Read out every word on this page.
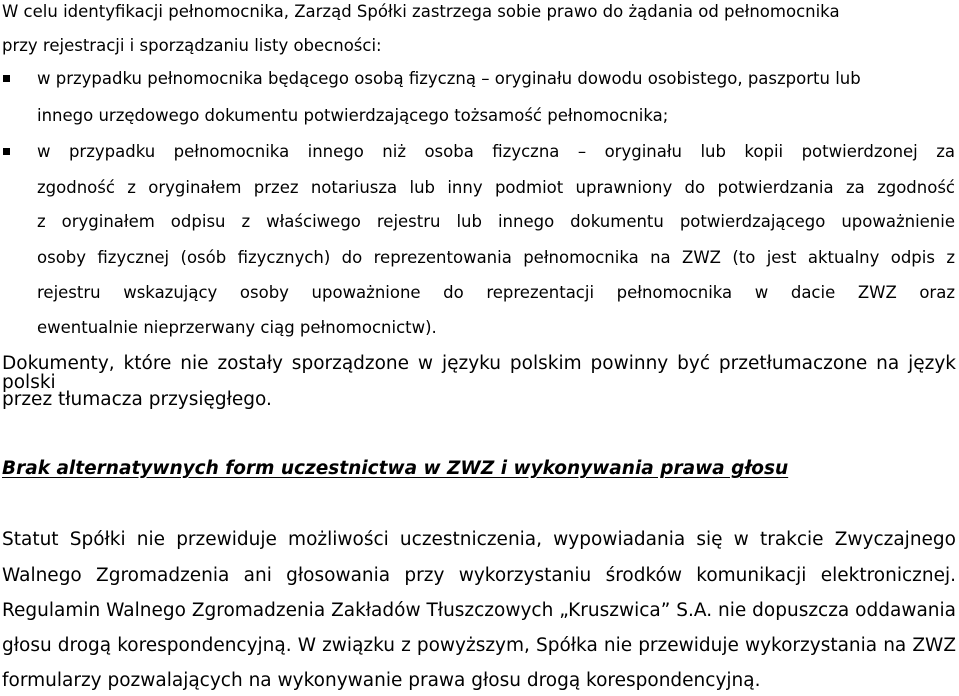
W celu identyfikacji pełnomocnika, Zarząd Spółki zastrzega sobie prawo do żądania od pełnomocnika
przy rejestracji i sporządzaniu listy obecności:
w przypadku pełnomocnika będącego osobą fizyczną – oryginału dowodu osobistego, paszportu lub
innego urzędowego dokumentu potwierdzającego tożsamość pełnomocnika;
w przypadku pełnomocnika innego niż osoba fizyczna – oryginału lub kopii potwierdzonej za
zgodność z oryginałem przez notariusza lub inny podmiot uprawniony do potwierdzania za zgodność
z oryginałem odpisu z właściwego rejestru lub innego dokumentu potwierdzającego upoważnienie
osoby fizycznej (osób fizycznych) do reprezentowania pełnomocnika na ZWZ (to jest aktualny odpis z
rejestru wskazujący osoby upoważnione do reprezentacji pełnomocnika w dacie ZWZ oraz
ewentualnie nieprzerwany ciąg pełnomocnictw).
Dokumenty, które nie zostały sporządzone w języku polskim powinny być przetłumaczone na język polski
przez tłumacza przysięgłego.
Brak alternatywnych form uczestnictwa w ZWZ i wykonywania prawa głosu
Statut Spółki nie przewiduje możliwości uczestniczenia, wypowiadania się w trakcie Zwyczajnego
Walnego Zgromadzenia ani głosowania przy wykorzystaniu środków komunikacji elektronicznej.
Regulamin Walnego Zgromadzenia Zakładów Tłuszczowych „Kruszwica” S.A. nie dopuszcza oddawania
głosu drogą korespondencyjną. W związku z powyższym, Spółka nie przewiduje wykorzystania na ZWZ
formularzy pozwalających na wykonywanie prawa głosu drogą korespondencyjną.
